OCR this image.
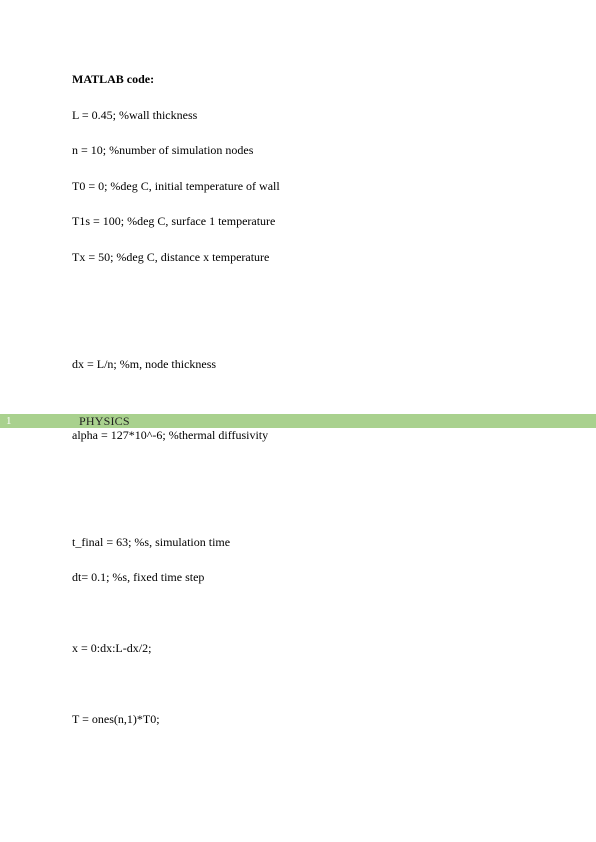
MATLAB code:
L = 0.45; %wall thickness
n = 10; %number of simulation nodes
T0 = 0; %deg C, initial temperature of wall
T1s = 100; %deg C, surface 1 temperature
Tx = 50; %deg C, distance x temperature
dx = L/n; %m, node thickness
1	PHYSICS
alpha = 127*10^-6; %thermal diffusivity
t_final = 63; %s, simulation time
dt= 0.1; %s, fixed time step
x = 0:dx:L-dx/2;
T = ones(n,1)*T0;
